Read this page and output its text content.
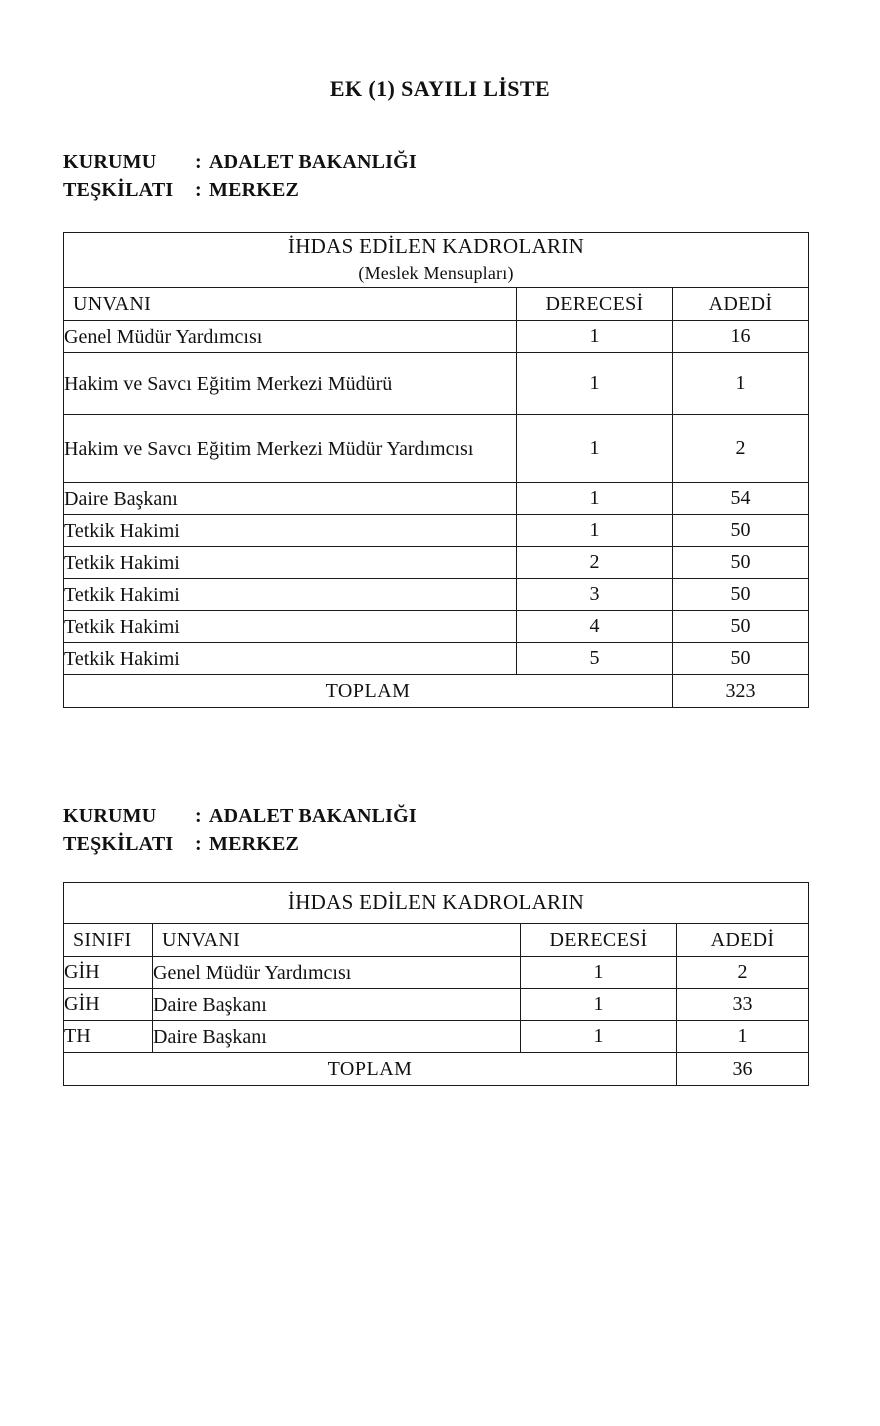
EK (1) SAYILI LİSTE
KURUMU : ADALET BAKANLIĞI
TEŞKİLATI : MERKEZ
İHDAS EDİLEN KADROLARIN
(Meslek Mensupları)		

UNVANI	DERECESİ	ADEDİ
Genel Müdür Yardımcısı	1	16
Hakim ve Savcı Eğitim Merkezi Müdürü	1	1
Hakim ve Savcı Eğitim Merkezi Müdür Yardımcısı	1	2
Daire Başkanı	1	54
Tetkik Hakimi	1	50
Tetkik Hakimi	2	50
Tetkik Hakimi	3	50
Tetkik Hakimi	4	50
Tetkik Hakimi	5	50
TOPLAM		323
KURUMU : ADALET BAKANLIĞI
TEŞKİLATI : MERKEZ
İHDAS EDİLEN KADROLARIN			

SINIFI	UNVANI	DERECESİ	ADEDİ
GİH	Genel Müdür Yardımcısı	1	2
GİH	Daire Başkanı	1	33
TH	Daire Başkanı	1	1
TOPLAM			36
